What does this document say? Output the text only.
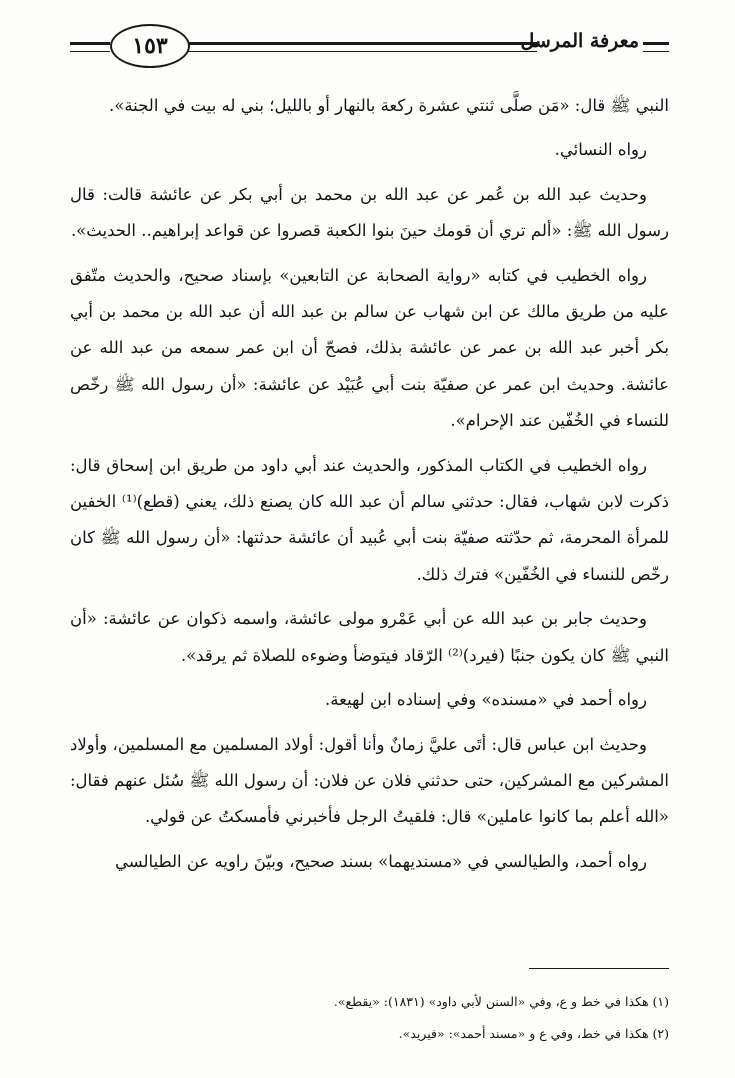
١٥٣	معرفة المرسل

النبي ﷺ قال: «مَن صلَّى ثنتي عشرة ركعة بالنهار أو بالليل؛ بني له بيت في الجنة».

رواه النسائي.

وحديث عبد الله بن عُمر عن عبد الله بن محمد بن أبي بكر عن عائشة قالت: قال رسول الله ﷺ: «ألم تري أن قومك حينَ بنوا الكعبة قصروا عن قواعد إبراهيم.. الحديث».

رواه الخطيب في كتابه «رواية الصحابة عن التابعين» بإسناد صحيح، والحديث متّفق عليه من طريق مالك عن ابن شهاب عن سالم بن عبد الله أن عبد الله بن محمد بن أبي بكر أخبر عبد الله بن عمر عن عائشة بذلك، فصحّ أن ابن عمر سمعه من عبد الله عن عائشة. وحديث ابن عمر عن صفيّة بنت أبي عُبَيْد عن عائشة: «أن رسول الله ﷺ رخّص للنساء في الخُفّين عند الإحرام».

رواه الخطيب في الكتاب المذكور، والحديث عند أبي داود من طريق ابن إسحاق قال: ذكرت لابن شهاب، فقال: حدثني سالم أن عبد الله كان يصنع ذلك، يعني (قطع)⁽¹⁾ الخفين للمرأة المحرمة، ثم حدّثته صفيّة بنت أبي عُبيد أن عائشة حدثتها: «أن رسول الله ﷺ كان رخّص للنساء في الخُفّين» فترك ذلك.

وحديث جابر بن عبد الله عن أبي عَمْرو مولى عائشة، واسمه ذكوان عن عائشة: «أن النبي ﷺ كان يكون جنبًا (فيرد)⁽²⁾ الرّقاد فيتوضأ وضوءه للصلاة ثم يرقد».

رواه أحمد في «مسنده» وفي إسناده ابن لهيعة.

وحديث ابن عباس قال: أتَى عليَّ زمانٌ وأنا أقول: أولاد المسلمين مع المسلمين، وأولاد المشركين مع المشركين، حتى حدثني فلان عن فلان: أن رسول الله ﷺ سُئل عنهم فقال: «الله أعلم بما كانوا عاملين» قال: فلقيتُ الرجل فأخبرني فأمسكتُ عن قولي.

رواه أحمد، والطيالسي في «مسنديهما» بسند صحيح، وبيّنَ راويه عن الطيالسي

(١) هكذا في خط و ع، وفي «السنن لأبي داود» (١٨٣١): «يقطع».

(٢) هكذا في خط، وفي ع و «مسند أحمد»: «فيريد».
